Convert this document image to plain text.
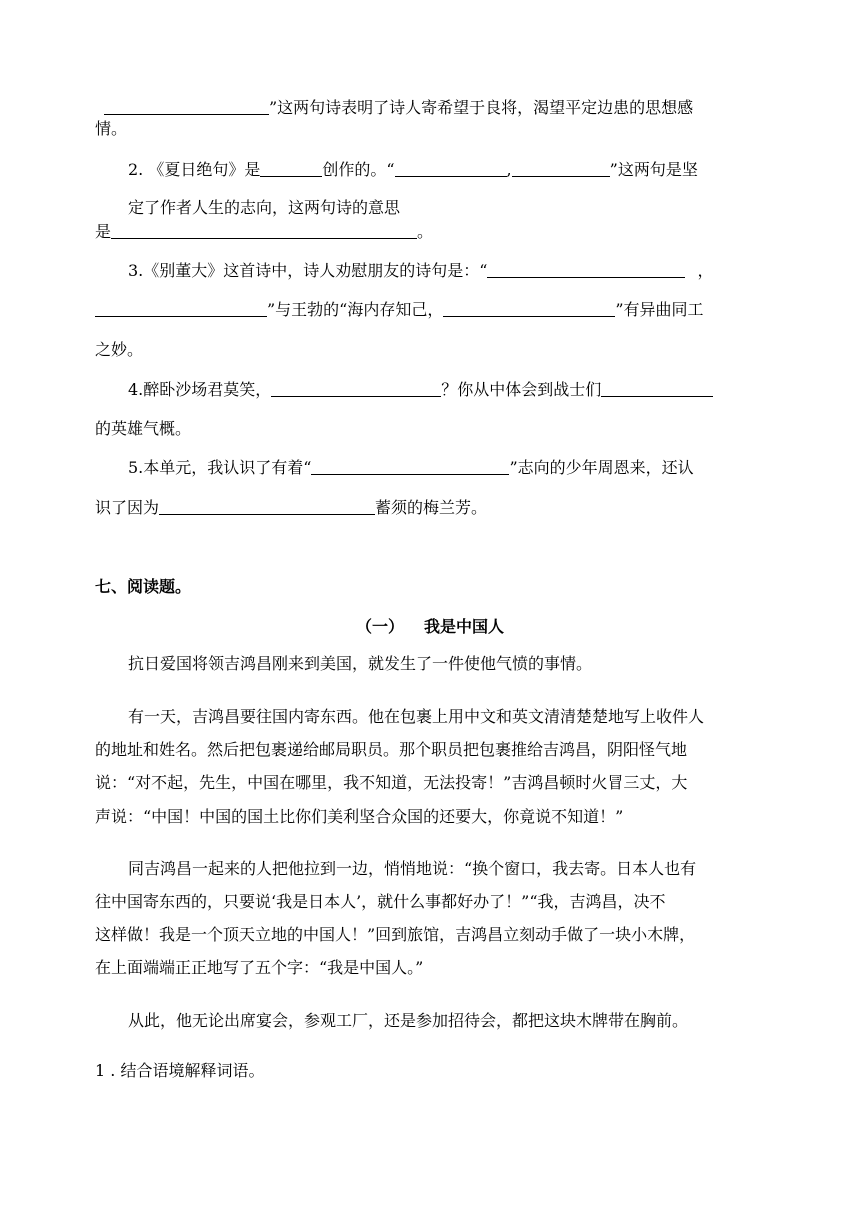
”这两句诗表明了诗人寄希望于良将，渴望平定边患的思想感
情。
2. 《夏日绝句》是	创作的。“	,	”这两句是坚
定了作者人生的志向，这两句诗的意思
是	。
3.《别董大》这首诗中，诗人劝慰朋友的诗句是：“	，
”与王勃的“海内存知己，	”有异曲同工
之妙。
4.醉卧沙场君莫笑，	？你从中体会到战士们
的英雄气概。
5.本单元，我认识了有着“	”志向的少年周恩来，还认
识了因为	蓄须的梅兰芳。
七、阅读题。
（一） 我是中国人
抗日爱国将领吉鸿昌刚来到美国，就发生了一件使他气愤的事情。
有一天，吉鸿昌要往国内寄东西。他在包裹上用中文和英文清清楚楚地写上收件人
的地址和姓名。然后把包裹递给邮局职员。那个职员把包裹推给吉鸿昌，阴阳怪气地
说：“对不起，先生，中国在哪里，我不知道，无法投寄！”吉鸿昌顿时火冒三丈，大
声说：“中国！中国的国土比你们美利坚合众国的还要大，你竟说不知道！”
同吉鸿昌一起来的人把他拉到一边，悄悄地说：“换个窗口，我去寄。日本人也有
往中国寄东西的，只要说‘我是日本人’，就什么事都好办了！”“我，吉鸿昌，决不
这样做！我是一个顶天立地的中国人！”回到旅馆，吉鸿昌立刻动手做了一块小木牌，
在上面端端正正地写了五个字：“我是中国人。”
从此，他无论出席宴会，参观工厂，还是参加招待会，都把这块木牌带在胸前。
1 . 结合语境解释词语。
